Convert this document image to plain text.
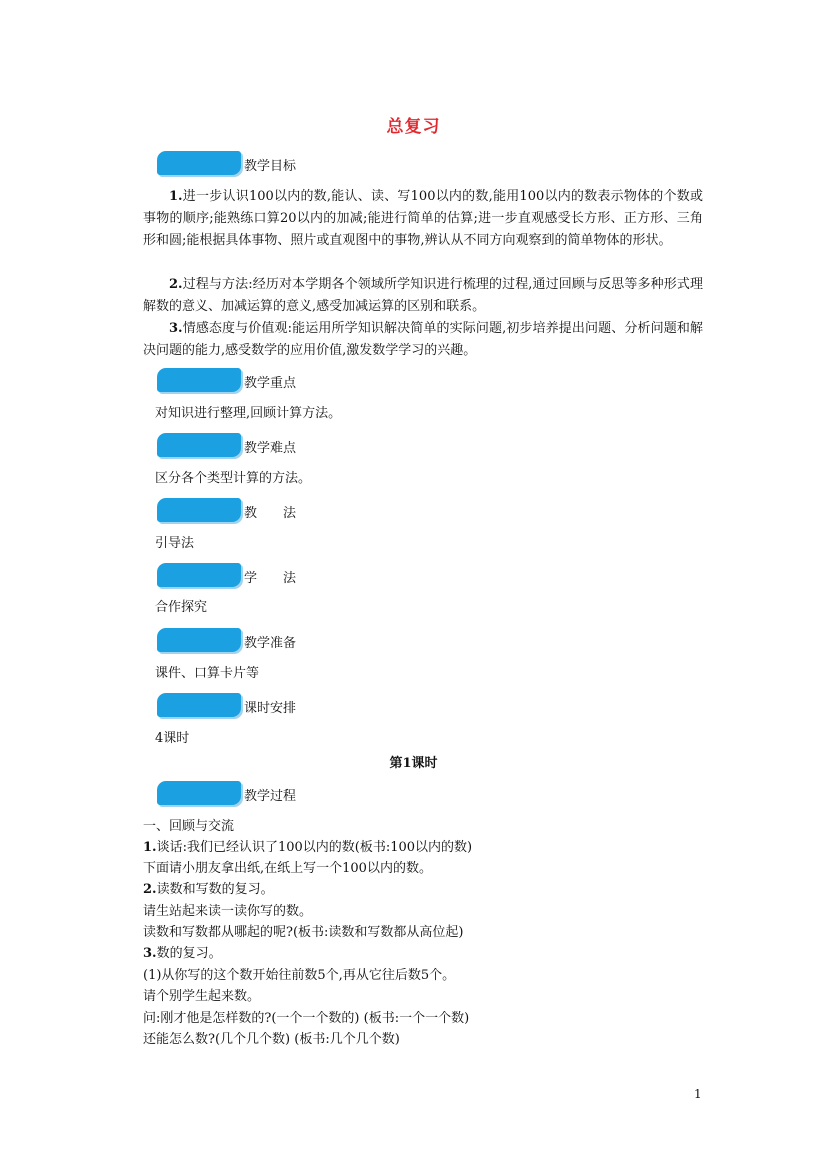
总复习
教学目标

1.进一步认识100以内的数,能认、读、写100以内的数,能用100以内的数表示物体的个数或事物的顺序;能熟练口算20以内的加减;能进行简单的估算;进一步直观感受长方形、正方形、三角形和圆;能根据具体事物、照片或直观图中的事物,辨认从不同方向观察到的简单物体的形状。

2.过程与方法:经历对本学期各个领域所学知识进行梳理的过程,通过回顾与反思等多种形式理解数的意义、加减运算的意义,感受加减运算的区别和联系。

3.情感态度与价值观:能运用所学知识解决简单的实际问题,初步培养提出问题、分析问题和解决问题的能力,感受数学的应用价值,激发数学学习的兴趣。

教学重点
对知识进行整理,回顾计算方法。
教学难点
区分各个类型计算的方法。
教　　法
引导法
学　　法
合作探究
教学准备
课件、口算卡片等
课时安排
4课时
第1课时
教学过程
一、回顾与交流
1.谈话:我们已经认识了100以内的数(板书:100以内的数)
下面请小朋友拿出纸,在纸上写一个100以内的数。
2.读数和写数的复习。
请生站起来读一读你写的数。
读数和写数都从哪起的呢?(板书:读数和写数都从高位起)
3.数的复习。
(1)从你写的这个数开始往前数5个,再从它往后数5个。
请个别学生起来数。
问:刚才他是怎样数的?(一个一个数的) (板书:一个一个数)
还能怎么数?(几个几个数) (板书:几个几个数)
1
